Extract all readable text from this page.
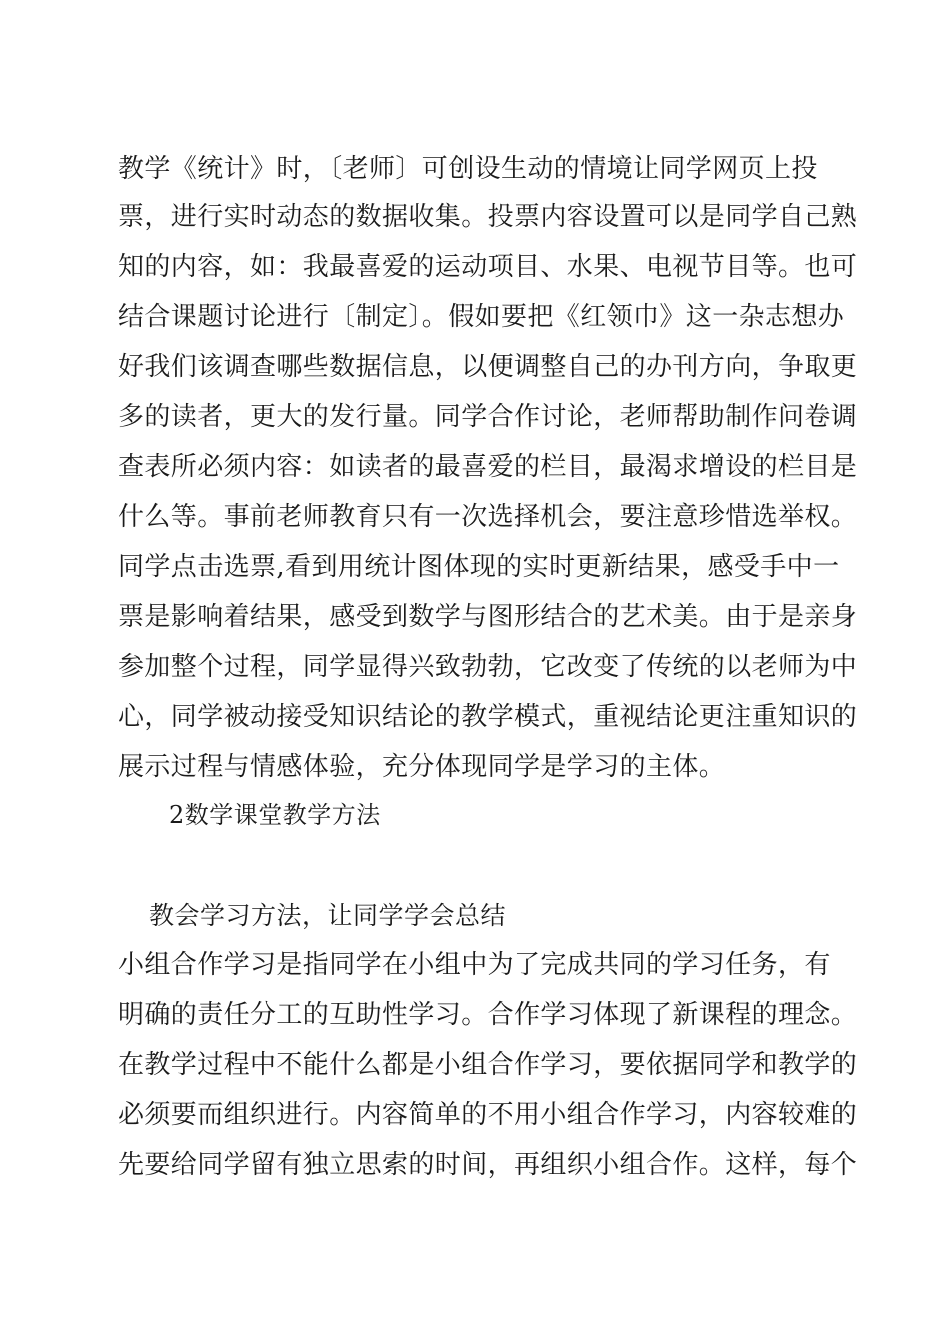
教学《统计》时，〔老师〕可创设生动的情境让同学网页上投
票，进行实时动态的数据收集。投票内容设置可以是同学自己熟
知的内容，如：我最喜爱的运动项目、水果、电视节目等。也可
结合课题讨论进行〔制定〕。假如要把《红领巾》这一杂志想办
好我们该调查哪些数据信息，以便调整自己的办刊方向，争取更
多的读者，更大的发行量。同学合作讨论，老师帮助制作问卷调
查表所必须内容：如读者的最喜爱的栏目，最渴求增设的栏目是
什么等。事前老师教育只有一次选择机会，要注意珍惜选举权。
同学点击选票,看到用统计图体现的实时更新结果，感受手中一
票是影响着结果，感受到数学与图形结合的艺术美。由于是亲身
参加整个过程，同学显得兴致勃勃，它改变了传统的以老师为中
心，同学被动接受知识结论的教学模式，重视结论更注重知识的
展示过程与情感体验，充分体现同学是学习的主体。
2数学课堂教学方法
教会学习方法，让同学学会总结
小组合作学习是指同学在小组中为了完成共同的学习任务，有
明确的责任分工的互助性学习。合作学习体现了新课程的理念。
在教学过程中不能什么都是小组合作学习，要依据同学和教学的
必须要而组织进行。内容简单的不用小组合作学习，内容较难的
先要给同学留有独立思索的时间，再组织小组合作。这样，每个
